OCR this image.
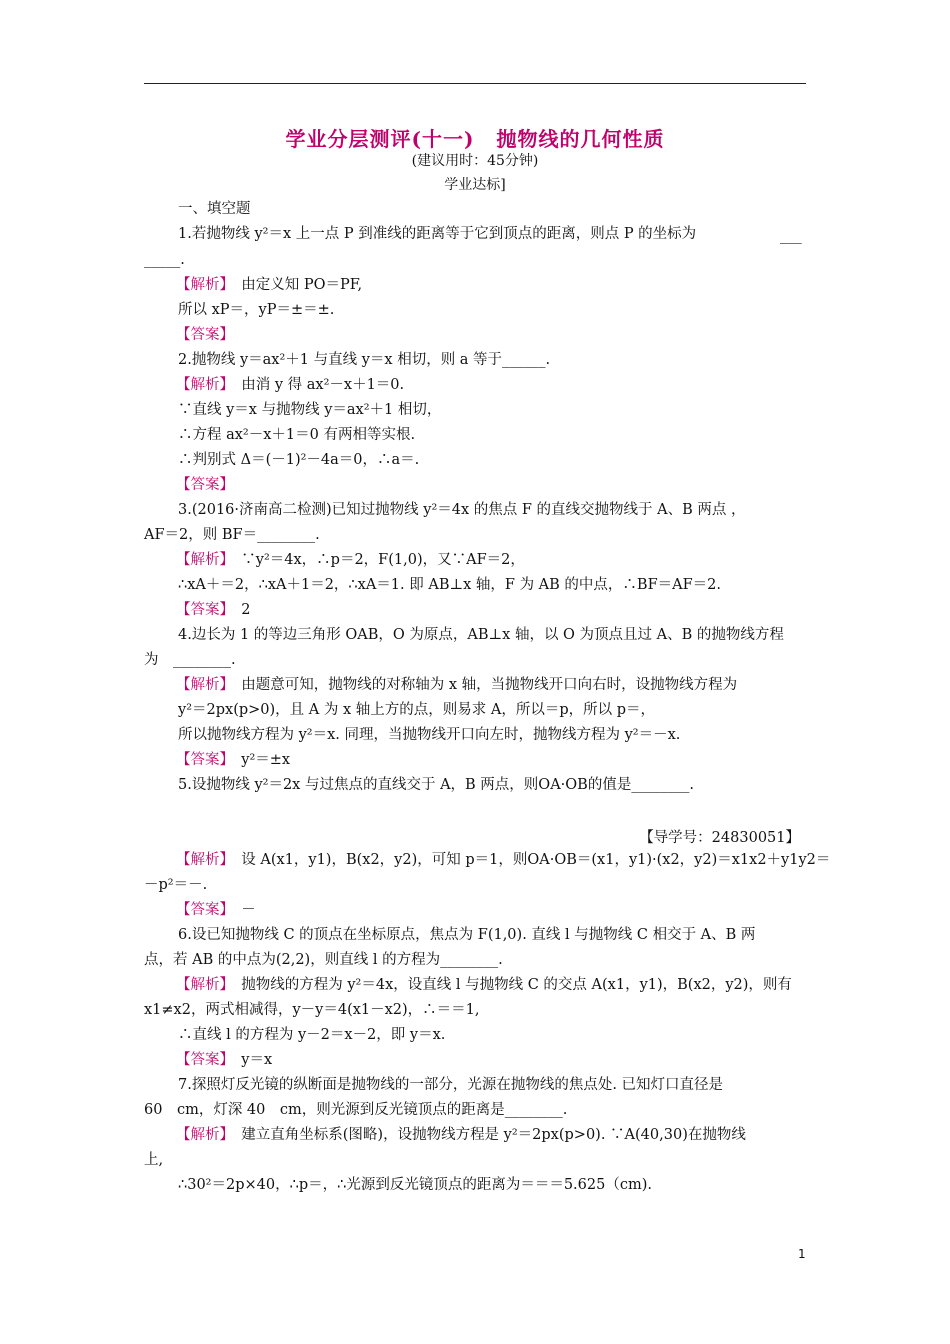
学业分层测评(十一) 抛物线的几何性质
(建议用时：45分钟)
学业达标]
一、填空题
1.若抛物线 y²＝x 上一点 P 到准线的距离等于它到顶点的距离，则点 P 的坐标为	___
_____.
【解析】　由定义知 PO＝PF,
所以 xP＝，yP＝±＝±.
【答案】
2.抛物线 y＝ax²＋1 与直线 y＝x 相切，则 a 等于______.
【解析】　由消 y 得 ax²－x＋1＝0.
∵直线 y＝x 与抛物线 y＝ax²＋1 相切，
∴方程 ax²－x＋1＝0 有两相等实根.
∴判别式 Δ＝(－1)²－4a＝0，∴a＝.
【答案】
3.(2016·济南高二检测)已知过抛物线 y²＝4x 的焦点 F 的直线交抛物线于 A、B 两点 ，
AF＝2，则 BF＝________.
【解析】　∵y²＝4x，∴p＝2，F(1,0)，又∵AF＝2，
∴xA＋＝2，∴xA＋1＝2，∴xA＝1. 即 AB⊥x 轴，F 为 AB 的中点，∴BF＝AF＝2.
【答案】　2
4.边长为 1 的等边三角形 OAB，O 为原点，AB⊥x 轴，以 O 为顶点且过 A、B 的抛物线方程
为　________.
【解析】　由题意可知，抛物线的对称轴为 x 轴，当抛物线开口向右时，设抛物线方程为
y²＝2px(p>0)，且 A 为 x 轴上方的点，则易求 A，所以＝p，所以 p＝，
所以抛物线方程为 y²＝x. 同理，当抛物线开口向左时，抛物线方程为 y²＝－x.
【答案】　y²＝±x
5.设抛物线 y²＝2x 与过焦点的直线交于 A，B 两点，则OA·OB的值是________.
【解析】　设 A(x1，y1)，B(x2，y2)，可知 p＝1，则OA·OB＝(x1，y1)·(x2，y2)＝x1x2＋y1y2＝
－p²＝－.
【答案】　－
6.设已知抛物线 C 的顶点在坐标原点，焦点为 F(1,0). 直线 l 与抛物线 C 相交于 A、B 两
点，若 AB 的中点为(2,2)，则直线 l 的方程为________.
【解析】　抛物线的方程为 y²＝4x，设直线 l 与抛物线 C 的交点 A(x1，y1)，B(x2，y2)，则有
x1≠x2，两式相减得，y－y＝4(x1－x2)，∴＝＝1,
∴直线 l 的方程为 y－2＝x－2，即 y＝x.
【答案】　y＝x
7.探照灯反光镜的纵断面是抛物线的一部分，光源在抛物线的焦点处. 已知灯口直径是
60　cm，灯深 40　cm，则光源到反光镜顶点的距离是________.
【解析】　建立直角坐标系(图略)，设抛物线方程是 y²＝2px(p>0). ∵A(40,30)在抛物线
上,
∴30²＝2p×40，∴p＝，∴光源到反光镜顶点的距离为＝＝＝5.625（cm).
【导学号：24830051】
1
